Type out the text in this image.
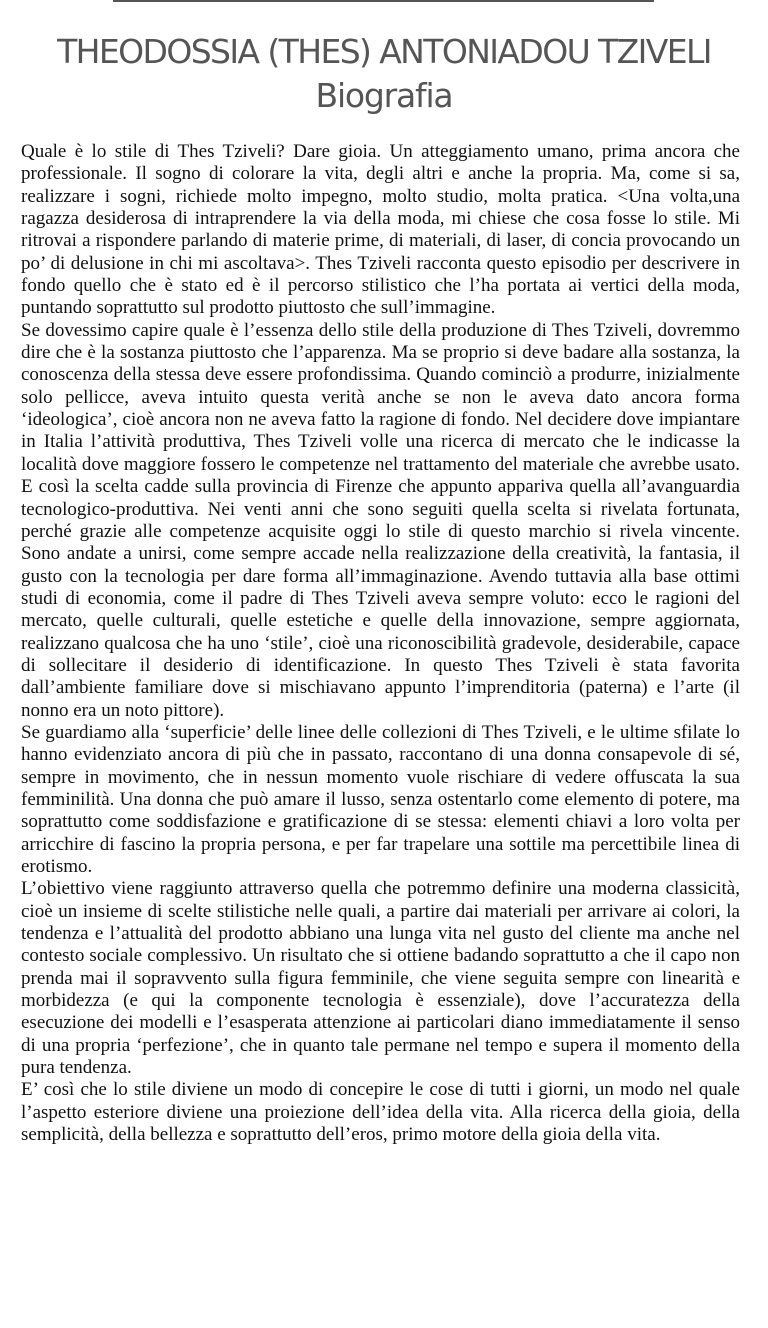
THEODOSSIA (THES) ANTONIADOU TZIVELI
Biografia

Quale è lo stile di Thes Tziveli? Dare gioia. Un atteggiamento umano, prima ancora che professionale. Il sogno di colorare la vita, degli altri e anche la propria. Ma, come si sa, realizzare i sogni, richiede molto impegno, molto studio, molta pratica. <Una volta,una ragazza desiderosa di intraprendere la via della moda, mi chiese che cosa fosse lo stile. Mi ritrovai a rispondere parlando di materie prime, di materiali, di laser, di concia provocando un po’ di delusione in chi mi ascoltava>. Thes Tziveli racconta questo episodio per descrivere in fondo quello che è stato ed è il percorso stilistico che l’ha portata ai vertici della moda, puntando soprattutto sul prodotto piuttosto che sull’immagine.

Se dovessimo capire quale è l’essenza dello stile della produzione di Thes Tziveli, dovremmo dire che è la sostanza piuttosto che l’apparenza. Ma se proprio si deve badare alla sostanza, la conoscenza della stessa deve essere profondissima. Quando cominciò a produrre, inizialmente solo pellicce, aveva intuito questa verità anche se non le aveva dato ancora forma ‘ideologica’, cioè ancora non ne aveva fatto la ragione di fondo. Nel decidere dove impiantare in Italia l’attività produttiva, Thes Tziveli volle una ricerca di mercato che le indicasse la località dove maggiore fossero le competenze nel trattamento del materiale che avrebbe usato. E così la scelta cadde sulla provincia di Firenze che appunto appariva quella all’avanguardia tecnologico-produttiva. Nei venti anni che sono seguiti quella scelta si rivelata fortunata, perché grazie alle competenze acquisite oggi lo stile di questo marchio si rivela vincente. Sono andate a unirsi, come sempre accade nella realizzazione della creatività, la fantasia, il gusto con la tecnologia per dare forma all’immaginazione. Avendo tuttavia alla base ottimi studi di economia, come il padre di Thes Tziveli aveva sempre voluto: ecco le ragioni del mercato, quelle culturali, quelle estetiche e quelle della innovazione, sempre aggiornata, realizzano qualcosa che ha uno ‘stile’, cioè una riconoscibilità gradevole, desiderabile, capace di sollecitare il desiderio di identificazione. In questo Thes Tziveli è stata favorita dall’ambiente familiare dove si mischiavano appunto l’imprenditoria (paterna) e l’arte (il nonno era un noto pittore).

Se guardiamo alla ‘superficie’ delle linee delle collezioni di Thes Tziveli, e le ultime sfilate lo hanno evidenziato ancora di più che in passato, raccontano di una donna consapevole di sé, sempre in movimento, che in nessun momento vuole rischiare di vedere offuscata la sua femminilità. Una donna che può amare il lusso, senza ostentarlo come elemento di potere, ma soprattutto come soddisfazione e gratificazione di se stessa: elementi chiavi a loro volta per arricchire di fascino la propria persona, e per far trapelare una sottile ma percettibile linea di erotismo.

L’obiettivo viene raggiunto attraverso quella che potremmo definire una moderna classicità, cioè un insieme di scelte stilistiche nelle quali, a partire dai materiali per arrivare ai colori, la tendenza e l’attualità del prodotto abbiano una lunga vita nel gusto del cliente ma anche nel contesto sociale complessivo. Un risultato che si ottiene badando soprattutto a che il capo non prenda mai il sopravvento sulla figura femminile, che viene seguita sempre con linearità e morbidezza (e qui la componente tecnologia è essenziale), dove l’accuratezza della esecuzione dei modelli e l’esasperata attenzione ai particolari diano immediatamente il senso di una propria ‘perfezione’, che in quanto tale permane nel tempo e supera il momento della pura tendenza.

E’ così che lo stile diviene un modo di concepire le cose di tutti i giorni, un modo nel quale l’aspetto esteriore diviene una proiezione dell’idea della vita. Alla ricerca della gioia, della semplicità, della bellezza e soprattutto dell’eros, primo motore della gioia della vita.
